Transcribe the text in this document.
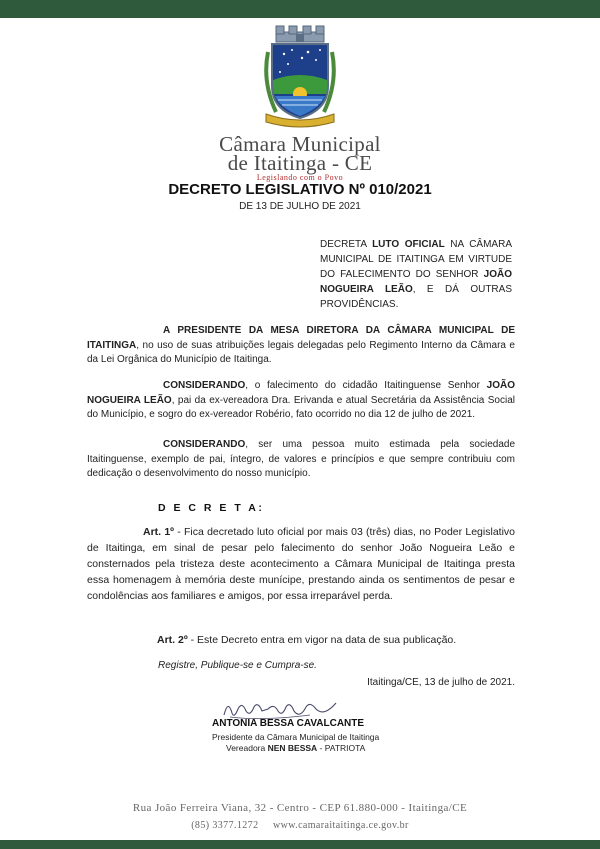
Câmara Municipal
de Itaitinga - CE
Legislando com o Povo
DECRETO LEGISLATIVO Nº 010/2021
DE 13 DE JULHO DE 2021
DECRETA LUTO OFICIAL NA CÂMARA MUNICIPAL DE ITAITINGA EM VIRTUDE DO FALECIMENTO DO SENHOR JOÃO NOGUEIRA LEÃO, E DÁ OUTRAS PROVIDÊNCIAS.
A PRESIDENTE DA MESA DIRETORA DA CÂMARA MUNICIPAL DE ITAITINGA, no uso de suas atribuições legais delegadas pelo Regimento Interno da Câmara e da Lei Orgânica do Município de Itaitinga.
CONSIDERANDO, o falecimento do cidadão Itaitinguense Senhor JOÃO NOGUEIRA LEÃO, pai da ex-vereadora Dra. Erivanda e atual Secretária da Assistência Social do Município, e sogro do ex-vereador Robério, fato ocorrido no dia 12 de julho de 2021.
CONSIDERANDO, ser uma pessoa muito estimada pela sociedade Itaitinguense, exemplo de pai, íntegro, de valores e princípios e que sempre contribuiu com dedicação o desenvolvimento do nosso município.
D E C R E T A:
Art. 1º - Fica decretado luto oficial por mais 03 (três) dias, no Poder Legislativo de Itaitinga, em sinal de pesar pelo falecimento do senhor João Nogueira Leão e consternados pela tristeza deste acontecimento a Câmara Municipal de Itaitinga presta essa homenagem à memória deste munícipe, prestando ainda os sentimentos de pesar e condolências aos familiares e amigos, por essa irreparável perda.
Art. 2º - Este Decreto entra em vigor na data de sua publicação.
Registre, Publique-se e Cumpra-se.
Itaitinga/CE, 13 de julho de 2021.
ANTONIA BESSA CAVALCANTE
Presidente da Câmara Municipal de Itaitinga
Vereadora NEN BESSA - PATRIOTA
Rua João Ferreira Viana, 32 - Centro - CEP 61.880-000 - Itaitinga/CE
(85) 3377.1272     www.camaraitaitinga.ce.gov.br
